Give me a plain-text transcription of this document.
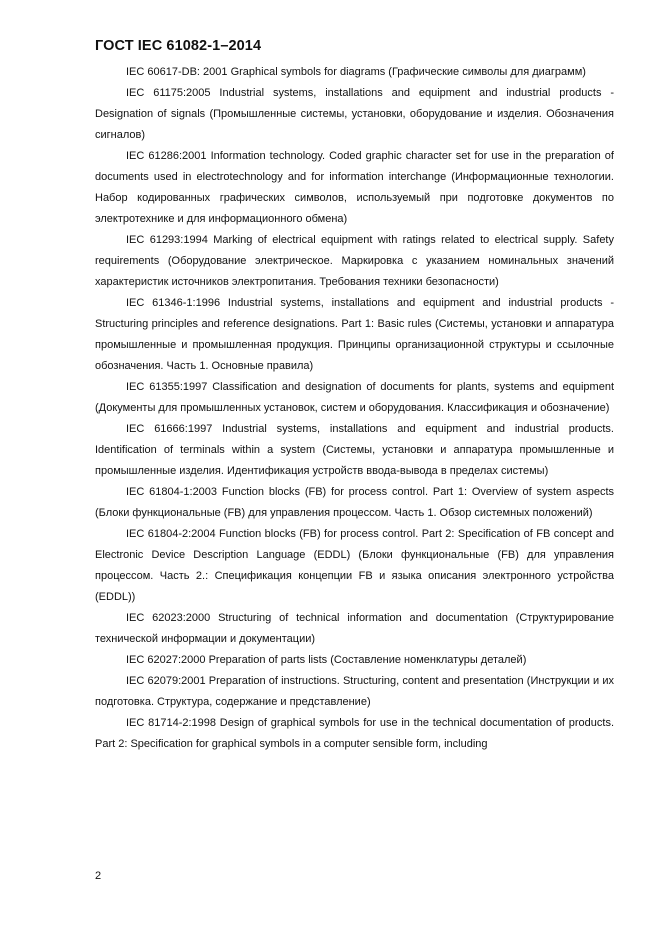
ГОСТ IEC 61082-1–2014

IEC 60617-DB: 2001 Graphical symbols for diagrams (Графические символы для диаграмм)

IEC 61175:2005 Industrial systems, installations and equipment and industrial products - Designation of signals (Промышленные системы, установки, оборудование и изделия. Обозначения сигналов)

IEC 61286:2001 Information technology. Coded graphic character set for use in the preparation of documents used in electrotechnology and for information interchange (Информационные технологии. Набор кодированных графических символов, используемый при подготовке документов по электротехнике и для информационного обмена)

IEC 61293:1994 Marking of electrical equipment with ratings related to electrical supply. Safety requirements (Оборудование электрическое. Маркировка с указанием номинальных значений характеристик источников электропитания. Требования техники безопасности)

IEC 61346-1:1996 Industrial systems, installations and equipment and industrial products - Structuring principles and reference designations. Part 1: Basic rules (Системы, установки и аппаратура промышленные и промышленная продукция. Принципы организационной структуры и ссылочные обозначения. Часть 1. Основные правила)

IEC 61355:1997 Classification and designation of documents for plants, systems and equipment (Документы для промышленных установок, систем и оборудования. Классификация и обозначение)

IEC 61666:1997 Industrial systems, installations and equipment and industrial products. Identification of terminals within a system (Системы, установки и аппаратура промышленные и промышленные изделия. Идентификация устройств ввода-вывода в пределах системы)

IEC 61804-1:2003 Function blocks (FB) for process control. Part 1: Overview of system aspects (Блоки функциональные (FB) для управления процессом. Часть 1. Обзор системных положений)

IEC 61804-2:2004 Function blocks (FB) for process control. Part 2: Specification of FB concept and Electronic Device Description Language (EDDL) (Блоки функциональные (FB) для управления процессом. Часть 2.: Спецификация концепции FB и языка описания электронного устройства (EDDL))

IEC 62023:2000 Structuring of technical information and documentation (Структурирование технической информации и документации)

IEC 62027:2000 Preparation of parts lists (Составление номенклатуры деталей)

IEC 62079:2001 Preparation of instructions. Structuring, content and presentation (Инструкции и их подготовка. Структура, содержание и представление)

IEC 81714-2:1998 Design of graphical symbols for use in the technical documentation of products. Part 2: Specification for graphical symbols in a computer sensible form, including

2
